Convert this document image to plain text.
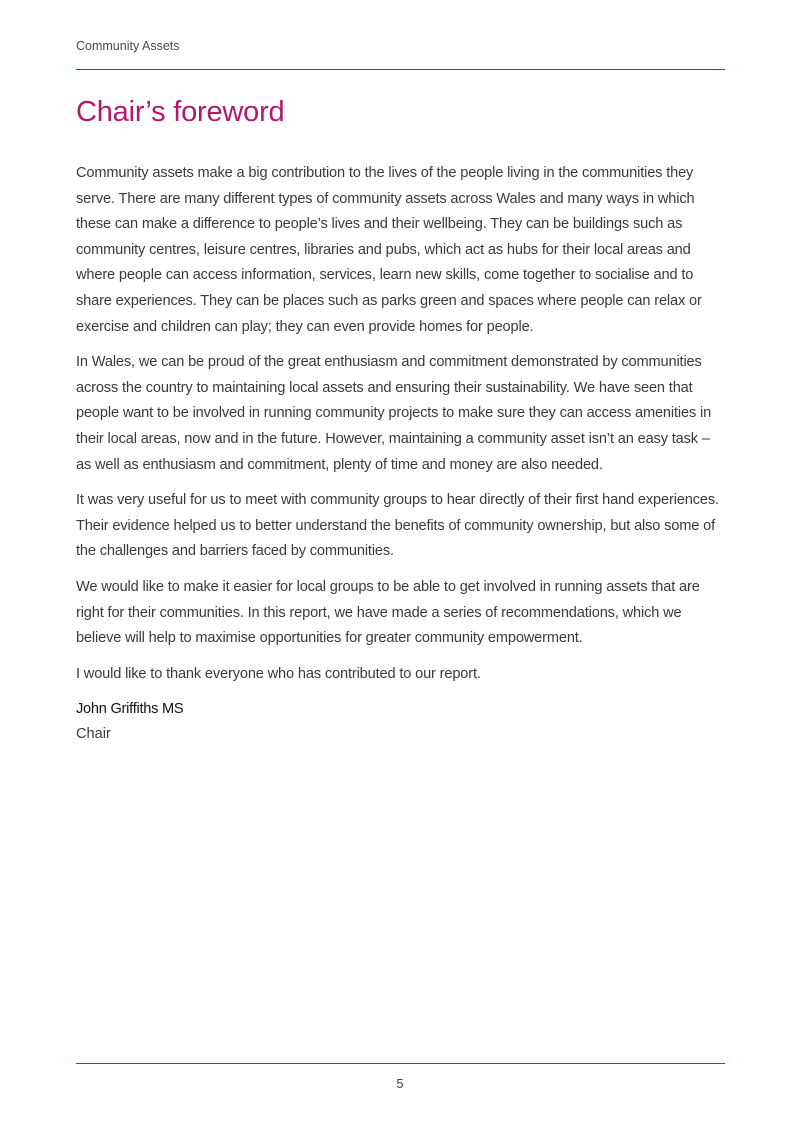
Community Assets
Chair’s foreword

Community assets make a big contribution to the lives of the people living in the communities they serve. There are many different types of community assets across Wales and many ways in which these can make a difference to people’s lives and their wellbeing. They can be buildings such as community centres, leisure centres, libraries and pubs, which act as hubs for their local areas and where people can access information, services, learn new skills, come together to socialise and to share experiences. They can be places such as parks green and spaces where people can relax or exercise and children can play; they can even provide homes for people.

In Wales, we can be proud of the great enthusiasm and commitment demonstrated by communities across the country to maintaining local assets and ensuring their sustainability. We have seen that people want to be involved in running community projects to make sure they can access amenities in their local areas, now and in the future. However, maintaining a community asset isn’t an easy task – as well as enthusiasm and commitment, plenty of time and money are also needed.

It was very useful for us to meet with community groups to hear directly of their first hand experiences. Their evidence helped us to better understand the benefits of community ownership, but also some of the challenges and barriers faced by communities.

We would like to make it easier for local groups to be able to get involved in running assets that are right for their communities. In this report, we have made a series of recommendations, which we believe will help to maximise opportunities for greater community empowerment.

I would like to thank everyone who has contributed to our report.

John Griffiths MS
Chair
5
